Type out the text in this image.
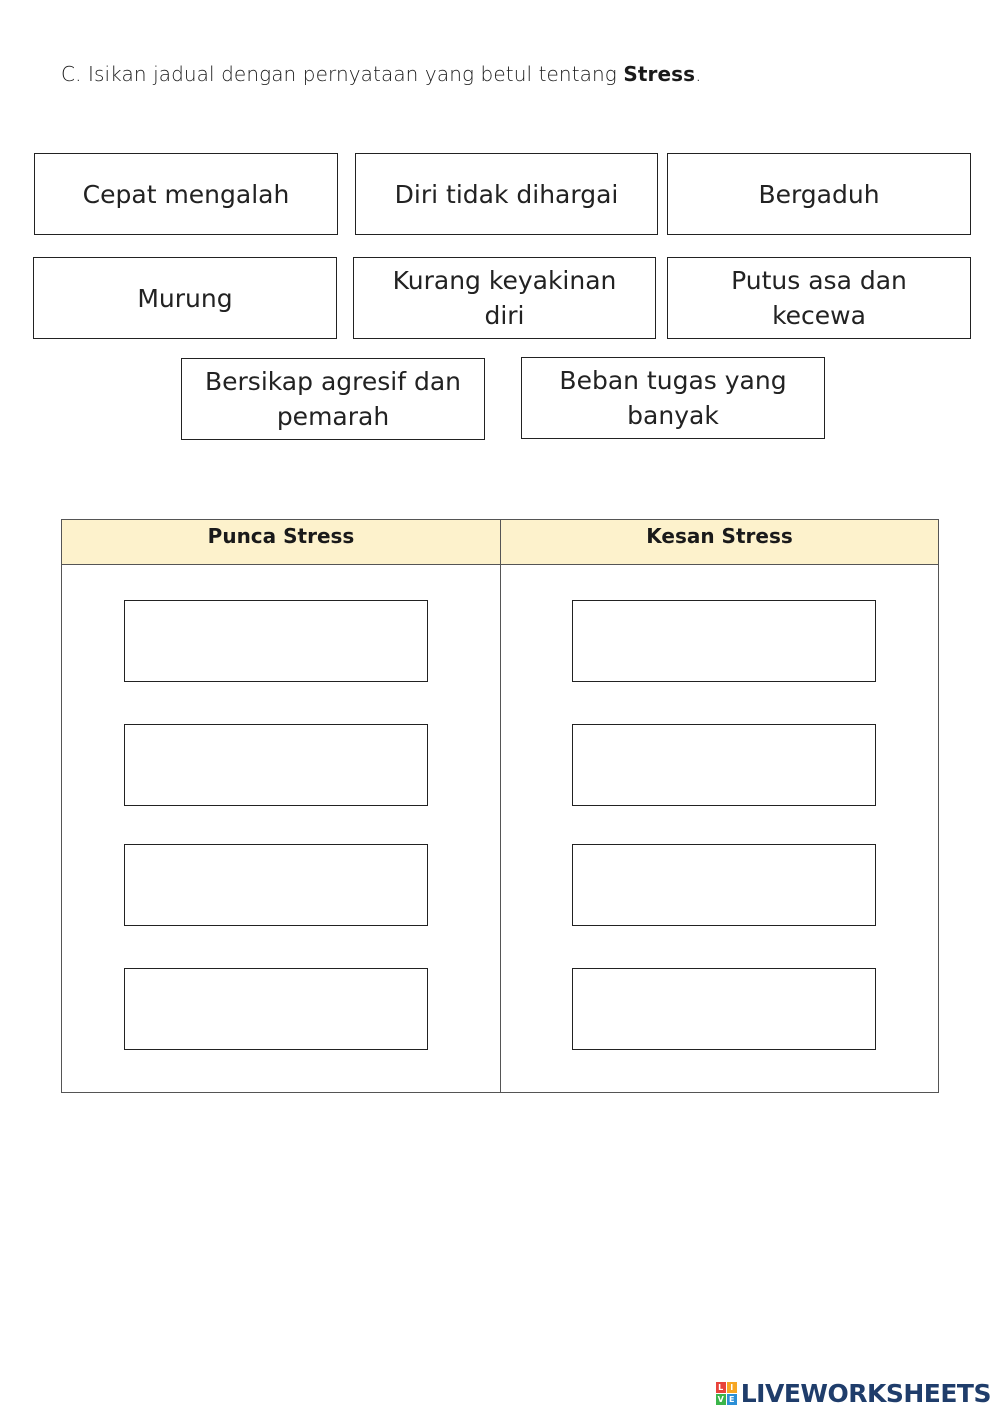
C. Isikan jadual dengan pernyataan yang betul tentang Stress.
Cepat mengalah	Diri tidak dihargai	Bergaduh
Murung
Kurang keyakinan diri
Putus asa dan kecewa
Bersikap agresif dan pemarah
Beban tugas yang banyak
Punca Stress	Kesan Stress
L I
V E LIVEWORKSHEETS
